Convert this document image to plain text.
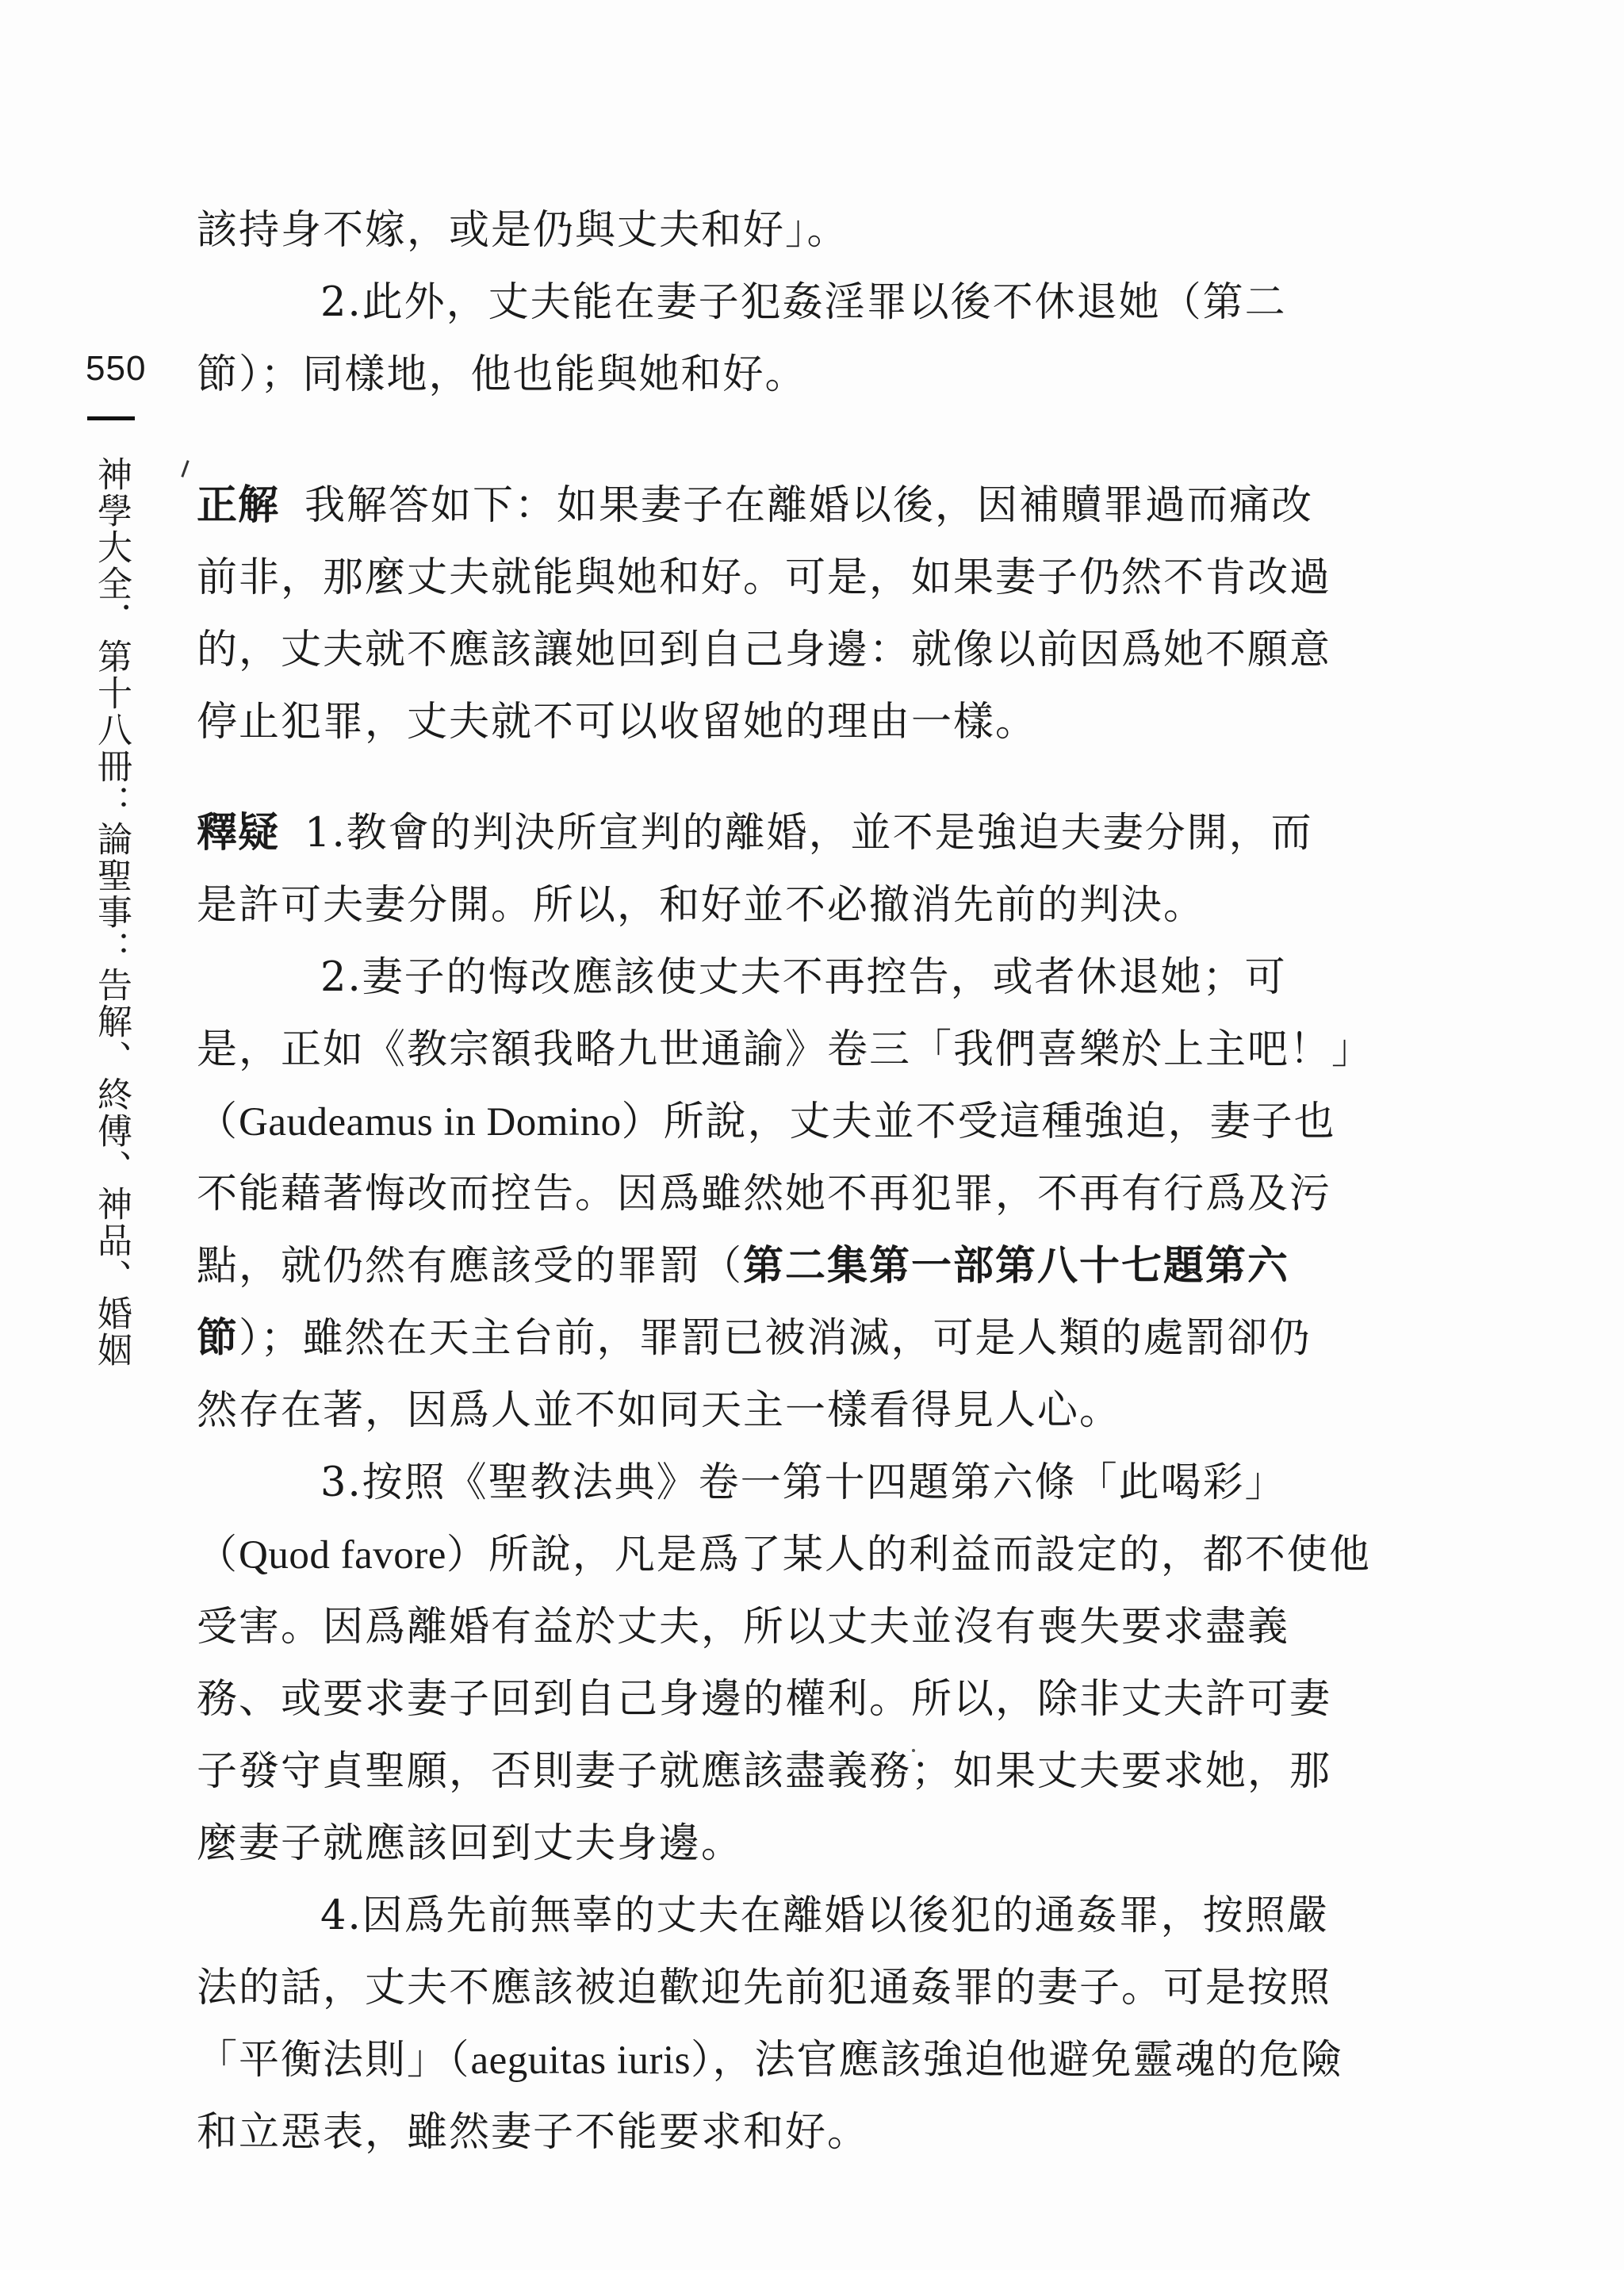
550
神學大全．第十八冊：論聖事：告解、終傅、神品、婚姻
該持身不嫁，或是仍與丈夫和好」。
2.此外，丈夫能在妻子犯姦淫罪以後不休退她（第二
節）；同樣地，他也能與她和好。
正解 我解答如下：如果妻子在離婚以後，因補贖罪過而痛改
前非，那麼丈夫就能與她和好。可是，如果妻子仍然不肯改過
的，丈夫就不應該讓她回到自己身邊：就像以前因爲她不願意
停止犯罪，丈夫就不可以收留她的理由一樣。
釋疑 1.教會的判決所宣判的離婚，並不是強迫夫妻分開，而
是許可夫妻分開。所以，和好並不必撤消先前的判決。
2.妻子的悔改應該使丈夫不再控告，或者休退她；可
是，正如《教宗額我略九世通諭》卷三「我們喜樂於上主吧！」
（Gaudeamus in Domino）所說，丈夫並不受這種強迫，妻子也
不能藉著悔改而控告。因爲雖然她不再犯罪，不再有行爲及污
點，就仍然有應該受的罪罰（第二集第一部第八十七題第六
節）；雖然在天主台前，罪罰已被消滅，可是人類的處罰卻仍
然存在著，因爲人並不如同天主一樣看得見人心。
3.按照《聖教法典》卷一第十四題第六條「此喝彩」
（Quod favore）所說，凡是爲了某人的利益而設定的，都不使他
受害。因爲離婚有益於丈夫，所以丈夫並沒有喪失要求盡義
務、或要求妻子回到自己身邊的權利。所以，除非丈夫許可妻
子發守貞聖願，否則妻子就應該盡義務；如果丈夫要求她，那
麼妻子就應該回到丈夫身邊。
4.因爲先前無辜的丈夫在離婚以後犯的通姦罪，按照嚴
法的話，丈夫不應該被迫歡迎先前犯通姦罪的妻子。可是按照
「平衡法則」（aeguitas iuris），法官應該強迫他避免靈魂的危險
和立惡表，雖然妻子不能要求和好。
